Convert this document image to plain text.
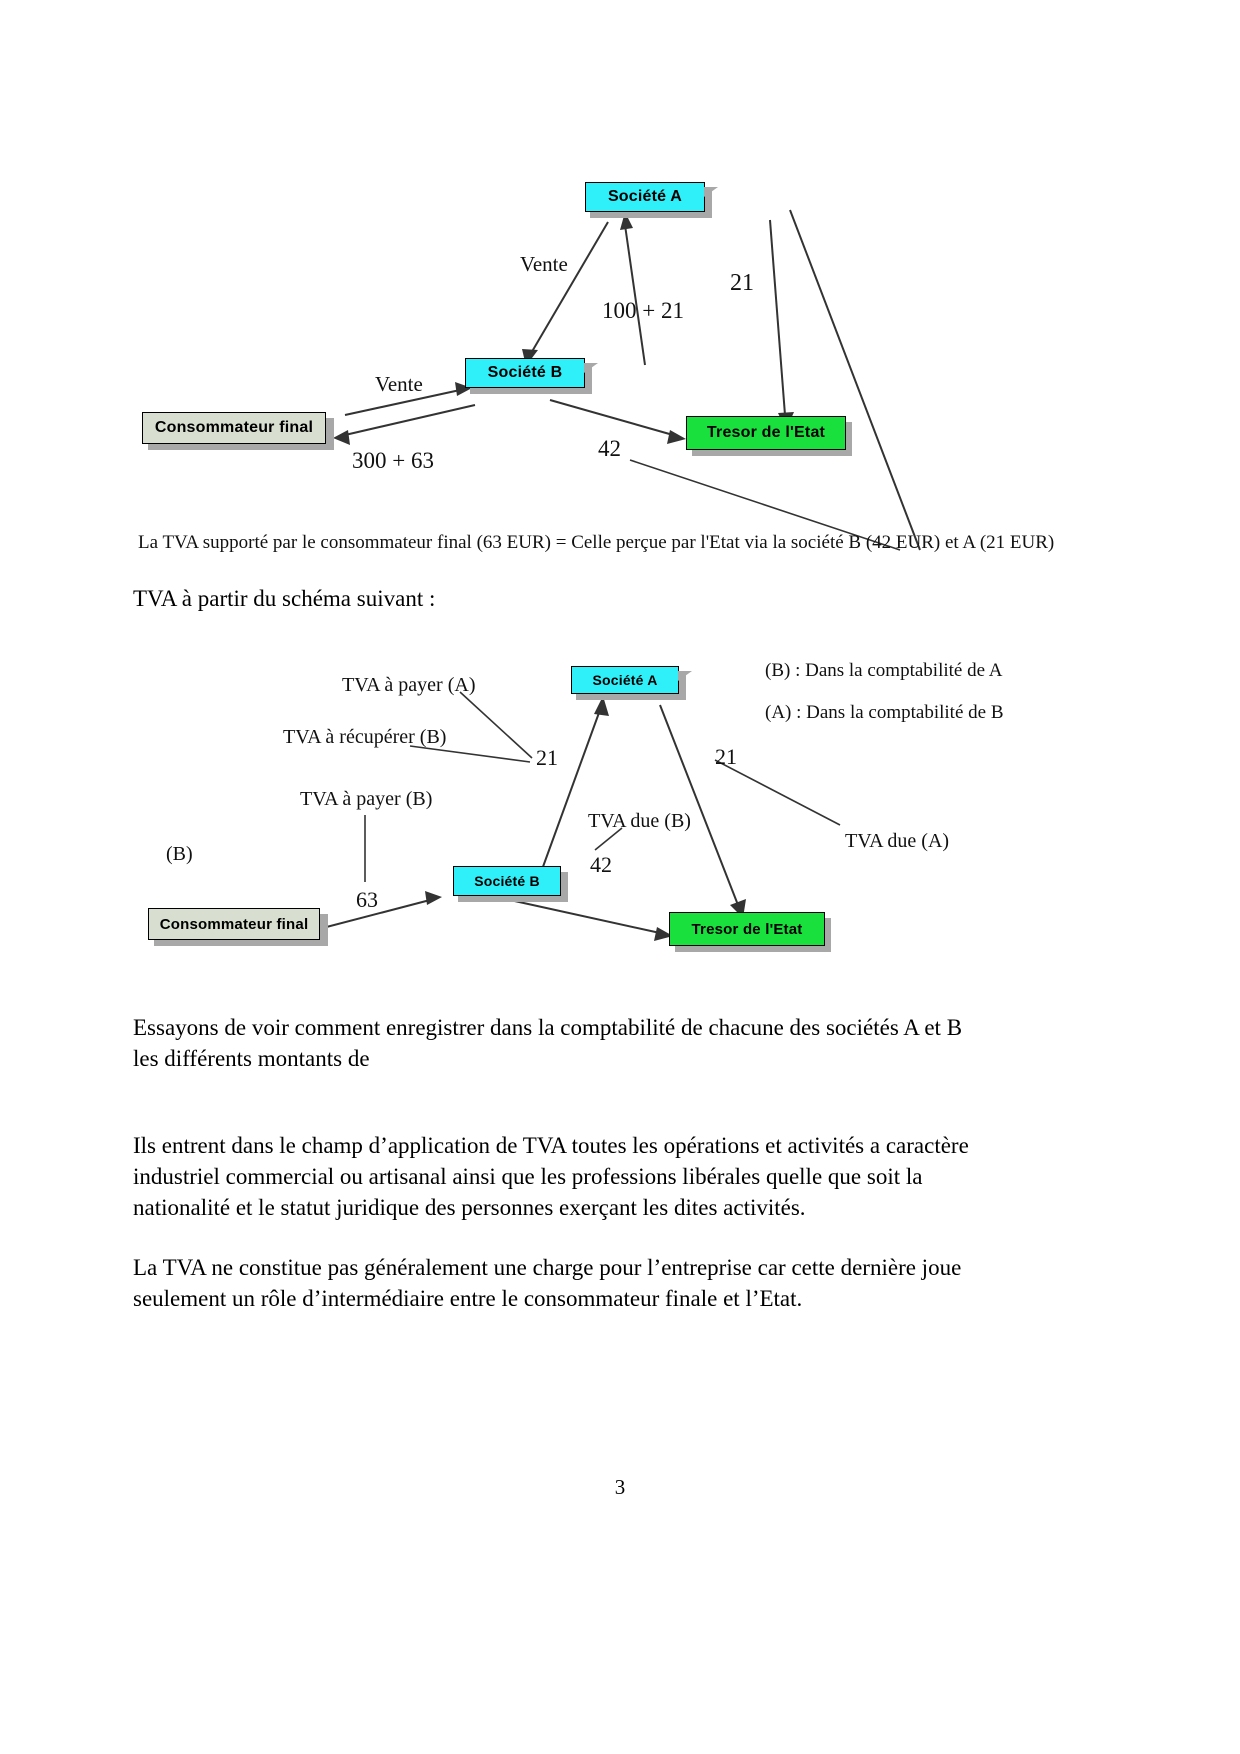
Société A
Société B
Consommateur final	Tresor de l'Etat
Vente
100 + 21
Vente
300 + 63
21
42
La TVA supporté par le consommateur final (63 EUR) = Celle perçue par l'Etat via la société B (42 EUR) et A (21 EUR)
TVA à partir du schéma suivant :
Société A
Société B
Consommateur final	Tresor de l'Etat
TVA à payer (A)
TVA à récupérer (B)
TVA à payer (B)
(B)
63
21	21
42
TVA due (B)
TVA due (A)
(B) : Dans la comptabilité de A
(A) : Dans la comptabilité de B
Essayons de voir comment enregistrer dans la comptabilité de chacune des sociétés A et B les différents montants de
Ils entrent dans le champ d’application de TVA toutes les opérations et activités a caractère industriel commercial ou artisanal ainsi que les professions libérales quelle que soit la nationalité et le statut juridique des personnes exerçant les dites activités.
La TVA ne constitue pas généralement une charge pour l’entreprise car cette dernière joue seulement un rôle d’intermédiaire entre le consommateur finale et l’Etat.
3
